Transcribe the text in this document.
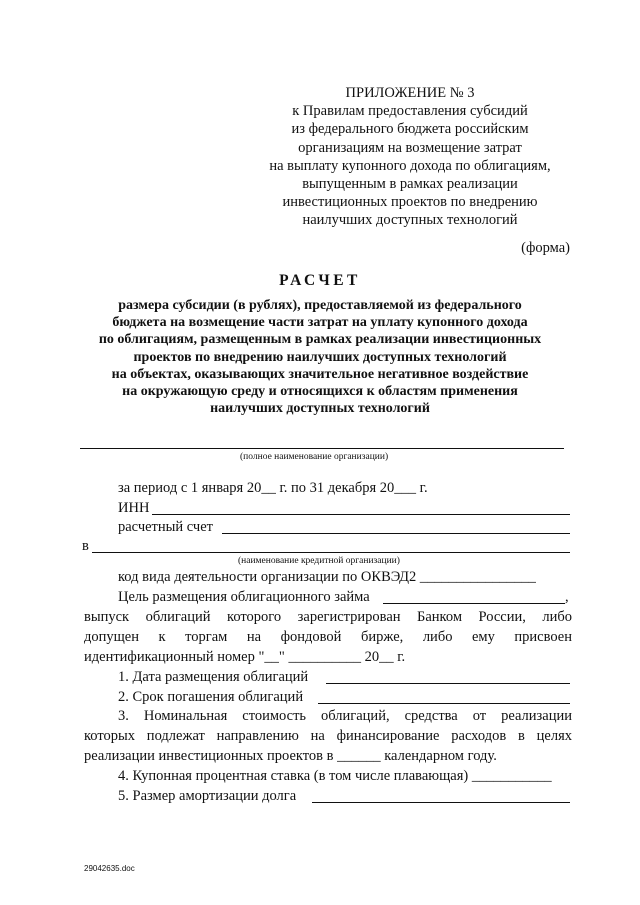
ПРИЛОЖЕНИЕ № 3
к Правилам предоставления субсидий
из федерального бюджета российским
организациям на возмещение затрат
на выплату купонного дохода по облигациям,
выпущенным в рамках реализации
инвестиционных проектов по внедрению
наилучших доступных технологий
(форма)
РАСЧЕТ
размера субсидии (в рублях), предоставляемой из федерального
бюджета на возмещение части затрат на уплату купонного дохода
по облигациям, размещенным в рамках реализации инвестиционных
проектов по внедрению наилучших доступных технологий
на объектах, оказывающих значительное негативное воздействие
на окружающую среду и относящихся к областям применения
наилучших доступных технологий
(полное наименование организации)
за период с 1 января 20__ г. по 31 декабря 20___ г.
ИНН
расчетный счет
в
(наименование кредитной организации)
код вида деятельности организации по ОКВЭД2 ________________
Цель размещения облигационного займа	,
выпуск облигаций которого зарегистрирован Банком России, либо
допущен к торгам на фондовой бирже, либо ему присвоен
идентификационный номер "__" __________ 20__ г.
1. Дата размещения облигаций
2. Срок погашения облигаций
3. Номинальная стоимость облигаций, средства от реализации
которых подлежат направлению на финансирование расходов в целях
реализации инвестиционных проектов в ______ календарном году.
4. Купонная процентная ставка (в том числе плавающая) ___________
5. Размер амортизации долга
29042635.doc
